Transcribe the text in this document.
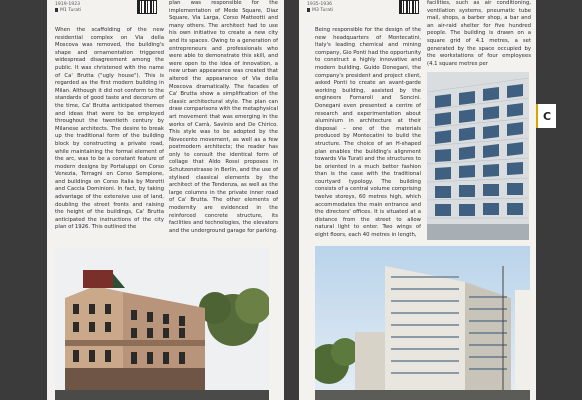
1919-1923
M1 Turati

When the scaffolding of the new residential complex on Via della Moscova was removed, the building's shape and ornamentation triggered widespread disagreement among the public. It was christened with the name of Ca' Brutta ("ugly house"). This is regarded as the first modern building in Milan. Although it did not conform to the standards of good taste and decorum of the time, Ca' Brutta anticipated themes and ideas that were to be employed throughout the twentieth century by Milanese architects. The desire to break up the traditional form of the building block by constructing a private road, while maintaining the formal element of the arc, was to be a constant feature of modern designs by Portaluppi on Corso Venezia, Terragni on Corso Sempione, and buildings on Corso Italia by Moretti and Caccia Dominioni. In fact, by taking advantage of the extensive use of land, doubling the street fronts and raising the height of the buildings, Ca' Brutta anticipated the instructions of the city plan of 1926. This outlined the

plan was responsible for the implementation of Mede Square, Diaz Square, Via Larga, Corso Matteotti and many others. The architect had to use his own initiative to create a new city and its spaces. Owing to a generation of entrepreneurs and professionals who were able to demonstrate this skill, and were open to the idea of innovation, a new urban appearance was created that altered the appearance of Via della Moscova dramatically. The facades of Ca' Brutta show a simplification of the classic architectural style. The plan can draw comparisons with the metaphysical art movement that was emerging in the works of Carrà, Savinio and De Chirico. This style was to be adopted by the Novecento movement, as well as a few postmodern architects; the reader has only to consult the identical form of collage that Aldo Rossi proposes in Schutzenstrasse in Berlin, and the use of stylised classical elements by the architect of the Tendenza, as well as the large columns in the private inner road of Ca' Brutta. The other elements of modernity are evidenced in the reinforced concrete structure, its facilities and technologies, the elevators and the underground garage for parking.

1935-1936
M3 Turati

Being responsible for the design of the new headquarters of Montecatini, Italy's leading chemical and mining company, Gio Ponti had the opportunity to construct a highly innovative and modern building. Guido Donegani, the company's president and project client, asked Ponti to create an avant-garde working building, assisted by the engineers Fornaroli and Soncini. Donegani even presented a centre of research and experimentation about aluminium in architecture at their disposal – one of the materials produced by Montecatini to build the structure. The choice of an H-shaped plan enables the building's alignment towards Via Turati and the structures to be oriented in a much better fashion than is the case with the traditional courtyard typology. The building consists of a central volume comprising twelve storeys, 60 metres high, which accommodates the main entrance and the directors' offices. It is situated at a distance from the street to allow natural light to enter. Two wings of eight floors, each 40 metres in length,

facilities, such as air conditioning, ventilation systems, pneumatic tube mail, shops, a barber shop, a bar and an air-raid shelter for five hundred people. The building is drawn on a square grid of 4.1 metres, a set generated by the space occupied by the workstations of four employees (4.1 square metres per

C
